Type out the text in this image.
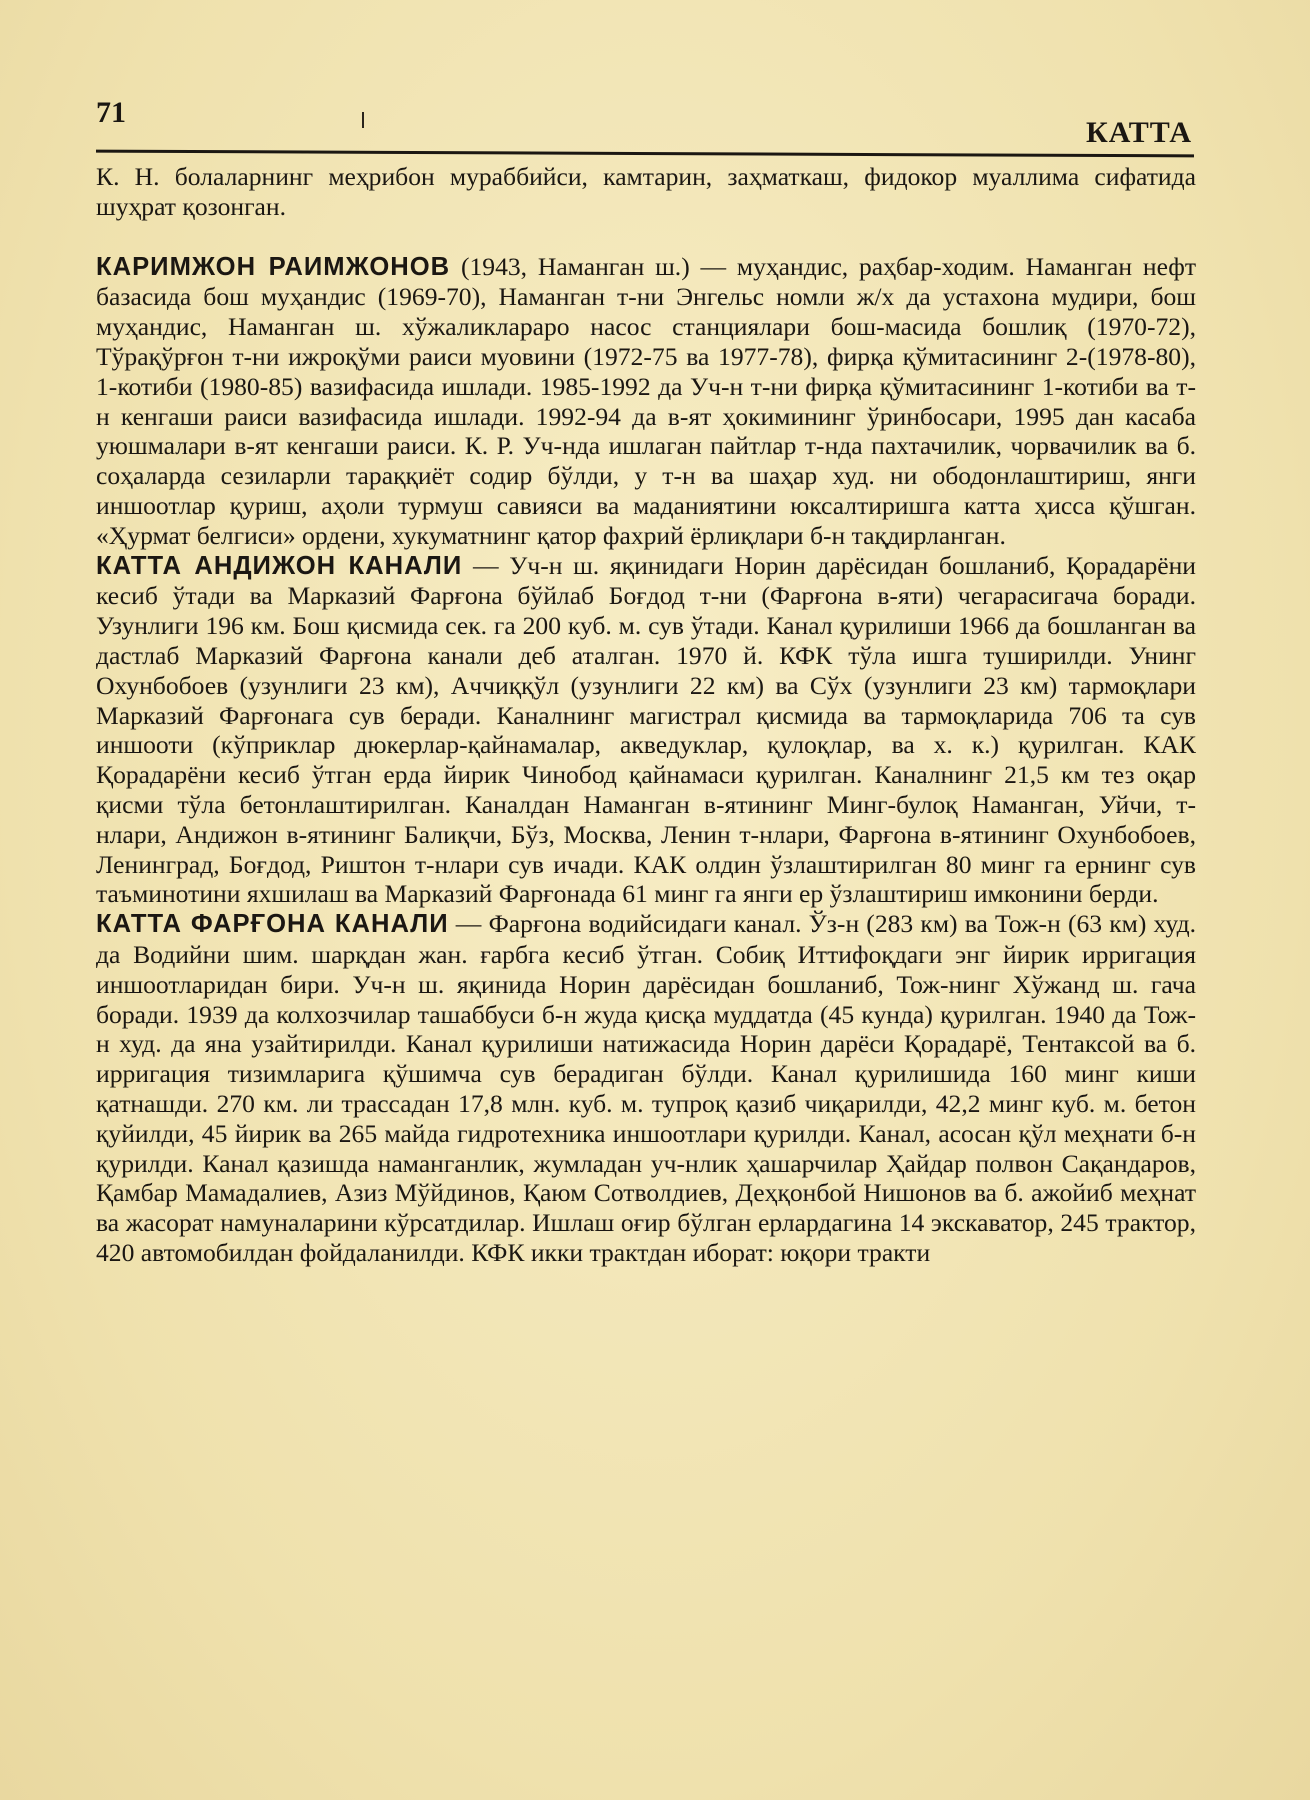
71
КАТТА

К. Н. болаларнинг меҳрибон мураббийси, камтарин, заҳматкаш, фидокор муаллима сифатида шуҳрат қозонган.

КАРИМЖОН РАИМЖОНОВ (1943, Наманган ш.) — муҳандис, раҳбар-ходим. Наманган нефт базасида бош муҳандис (1969-70), Наманган т-ни Энгельс номли ж/х да устахона мудири, бош муҳандис, Наманган ш. хўжаликлараро насос станциялари бош-масида бошлиқ (1970-72), Тўрақўрғон т-ни ижроқўми раиси муовини (1972-75 ва 1977-78), фирқа қўмитасининг 2-(1978-80), 1-котиби (1980-85) вазифасида ишлади. 1985-1992 да Уч-н т-ни фирқа қўмитасининг 1-котиби ва т-н кенгаши раиси вазифасида ишлади. 1992-94 да в-ят ҳокимининг ўринбосари, 1995 дан касаба уюшмалари в-ят кенгаши раиси. К. Р. Уч-нда ишлаган пайтлар т-нда пахтачилик, чорвачилик ва б. соҳаларда сезиларли тараққиёт содир бўлди, у т-н ва шаҳар худ. ни ободонлаштириш, янги иншоотлар қуриш, аҳоли турмуш савияси ва маданиятини юксалтиришга катта ҳисса қўшган. «Ҳурмат белгиси» ордени, хукуматнинг қатор фахрий ёрлиқлари б-н тақдирланган.

КАТТА АНДИЖОН КАНАЛИ — Уч-н ш. яқинидаги Норин дарёсидан бошланиб, Қорадарёни кесиб ўтади ва Марказий Фарғона бўйлаб Боғдод т-ни (Фарғона в-яти) чегарасигача боради. Узунлиги 196 км. Бош қисмида сек. га 200 куб. м. сув ўтади. Канал қурилиши 1966 да бошланган ва дастлаб Марказий Фарғона канали деб аталган. 1970 й. КФК тўла ишга туширилди. Унинг Охунбобоев (узунлиги 23 км), Аччиққўл (узунлиги 22 км) ва Сўх (узунлиги 23 км) тармоқлари Марказий Фарғонага сув беради. Каналнинг магистрал қисмида ва тармоқларида 706 та сув иншооти (кўприклар дюкерлар-қайнамалар, акведуклар, қулоқлар, ва х. к.) қурилган. КАК Қорадарёни кесиб ўтган ерда йирик Чинобод қайнамаси қурилган. Каналнинг 21,5 км тез оқар қисми тўла бетонлаштирилган. Каналдан Наманган в-ятининг Минг-булоқ Наманган, Уйчи, т-нлари, Андижон в-ятининг Балиқчи, Бўз, Москва, Ленин т-нлари, Фарғона в-ятининг Охунбобоев, Ленинград, Боғдод, Риштон т-нлари сув ичади. КАК олдин ўзлаштирилган 80 минг га ернинг сув таъминотини яхшилаш ва Марказий Фарғонада 61 минг га янги ер ўзлаштириш имконини берди.

КАТТА ФАРҒОНА КАНАЛИ — Фарғона водийсидаги канал. Ўз-н (283 км) ва Тож-н (63 км) худ. да Водийни шим. шарқдан жан. ғарбга кесиб ўтган. Собиқ Иттифоқдаги энг йирик ирригация иншоотларидан бири. Уч-н ш. яқинида Норин дарёсидан бошланиб, Тож-нинг Хўжанд ш. гача боради. 1939 да колхозчилар ташаббуси б-н жуда қисқа муддатда (45 кунда) қурилган. 1940 да Тож-н худ. да яна узайтирилди. Канал қурилиши натижасида Норин дарёси Қорадарё, Тентаксой ва б. ирригация тизимларига қўшимча сув берадиган бўлди. Канал қурилишида 160 минг киши қатнашди. 270 км. ли трассадан 17,8 млн. куб. м. тупроқ қазиб чиқарилди, 42,2 минг куб. м. бетон қуйилди, 45 йирик ва 265 майда гидротехника иншоотлари қурилди. Канал, асосан қўл меҳнати б-н қурилди. Канал қазишда наманганлик, жумладан уч-нлик ҳашарчилар Ҳайдар полвон Сақандаров, Қамбар Мамадалиев, Азиз Мўйдинов, Қаюм Сотволдиев, Деҳқонбой Нишонов ва б. ажойиб меҳнат ва жасорат намуналарини кўрсатдилар. Ишлаш оғир бўлган ерлардагина 14 экскаватор, 245 трактор, 420 автомобилдан фойдаланилди. КФК икки трактдан иборат: юқори тракти
